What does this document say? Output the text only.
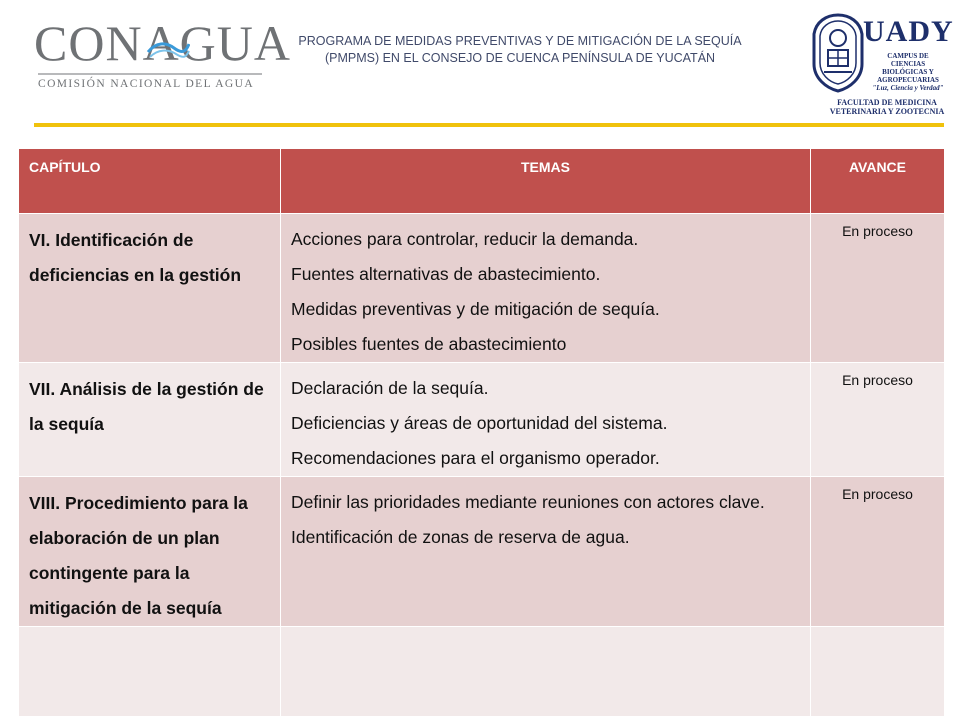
CONAGUA
COMISIÓN NACIONAL DEL AGUA
PROGRAMA DE MEDIDAS PREVENTIVAS Y DE MITIGACIÓN DE LA SEQUÍA
(PMPMS) EN EL CONSEJO DE CUENCA PENÍNSULA DE YUCATÁN
UADY
CAMPUS DE
CIENCIAS
BIOLÓGICAS Y
AGROPECUARIAS
"Luz, Ciencia y Verdad"
FACULTAD DE MEDICINA
VETERINARIA Y ZOOTECNIA
CAPÍTULO	TEMAS	AVANCE
VI. Identificación de deficiencias en la gestión	Acciones para controlar, reducir la demanda.
Fuentes alternativas de abastecimiento.
Medidas preventivas y de mitigación de sequía.
Posibles fuentes de abastecimiento	En proceso
VII. Análisis de la gestión de la sequía	Declaración de la sequía.
Deficiencias y áreas de oportunidad del sistema.
Recomendaciones para el organismo operador.	En proceso
VIII. Procedimiento para la elaboración de un plan contingente para la mitigación de la sequía	Definir las prioridades mediante reuniones con actores clave.
Identificación de zonas de reserva de agua.	En proceso
